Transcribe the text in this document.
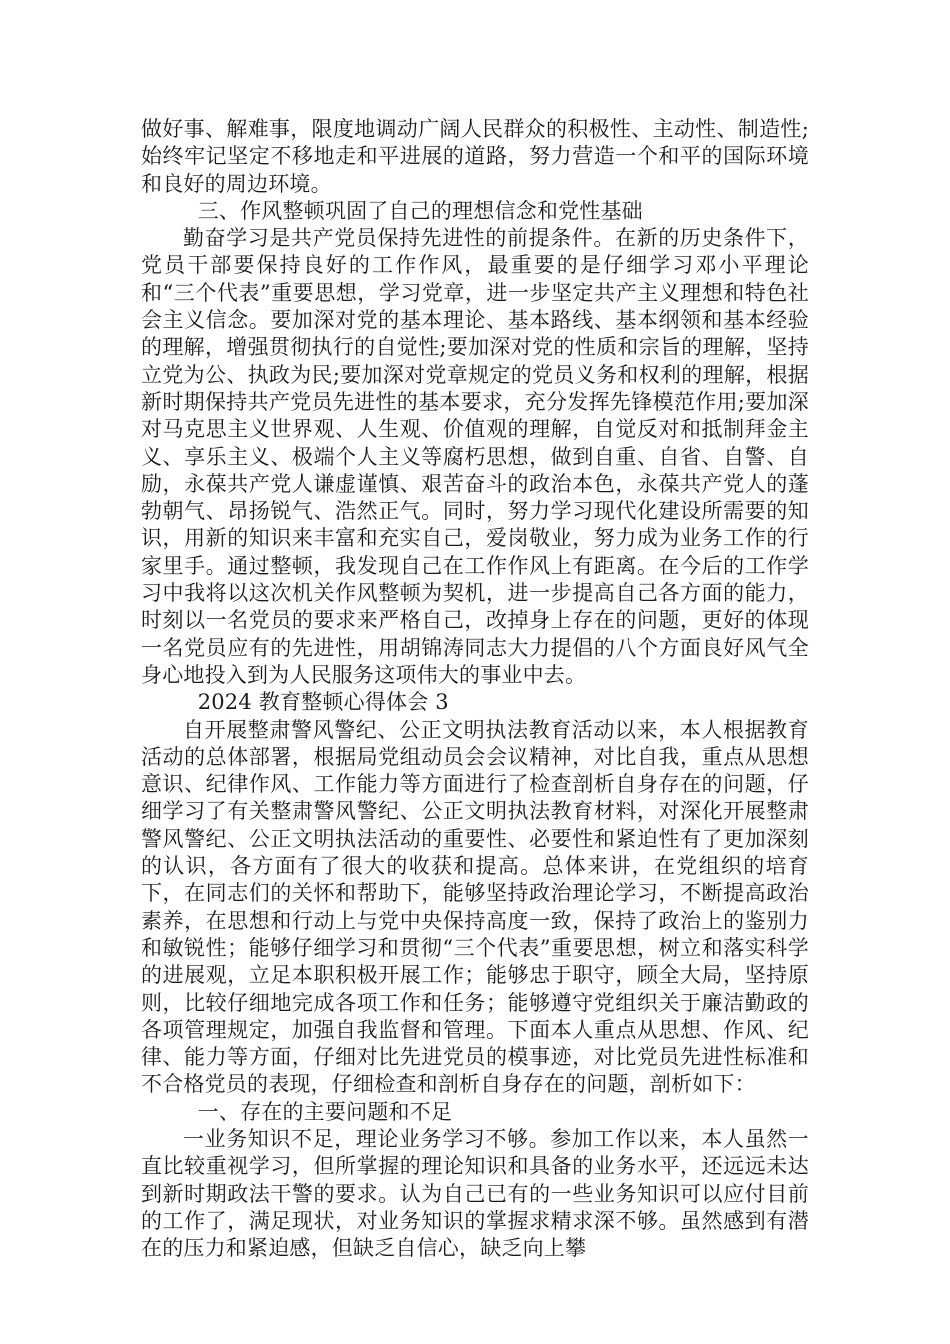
做好事、解难事，限度地调动广阔人民群众的积极性、主动性、制造性;始终牢记坚定不移地走和平进展的道路，努力营造一个和平的国际环境和良好的周边环境。

三、作风整顿巩固了自己的理想信念和党性基础

勤奋学习是共产党员保持先进性的前提条件。在新的历史条件下，党员干部要保持良好的工作作风，最重要的是仔细学习邓小平理论和“三个代表”重要思想，学习党章，进一步坚定共产主义理想和特色社会主义信念。要加深对党的基本理论、基本路线、基本纲领和基本经验的理解，增强贯彻执行的自觉性;要加深对党的性质和宗旨的理解，坚持立党为公、执政为民;要加深对党章规定的党员义务和权利的理解，根据新时期保持共产党员先进性的基本要求，充分发挥先锋模范作用;要加深对马克思主义世界观、人生观、价值观的理解，自觉反对和抵制拜金主义、享乐主义、极端个人主义等腐朽思想，做到自重、自省、自警、自励，永葆共产党人谦虚谨慎、艰苦奋斗的政治本色，永葆共产党人的蓬勃朝气、昂扬锐气、浩然正气。同时，努力学习现代化建设所需要的知识，用新的知识来丰富和充实自己，爱岗敬业，努力成为业务工作的行家里手。通过整顿，我发现自己在工作作风上有距离。在今后的工作学习中我将以这次机关作风整顿为契机，进一步提高自己各方面的能力，时刻以一名党员的要求来严格自己，改掉身上存在的问题，更好的体现一名党员应有的先进性，用胡锦涛同志大力提倡的八个方面良好风气全身心地投入到为人民服务这项伟大的事业中去。

2024 教育整顿心得体会 3

自开展整肃警风警纪、公正文明执法教育活动以来，本人根据教育活动的总体部署，根据局党组动员会会议精神，对比自我，重点从思想意识、纪律作风、工作能力等方面进行了检查剖析自身存在的问题，仔细学习了有关整肃警风警纪、公正文明执法教育材料，对深化开展整肃警风警纪、公正文明执法活动的重要性、必要性和紧迫性有了更加深刻的认识，各方面有了很大的收获和提高。总体来讲，在党组织的培育下，在同志们的关怀和帮助下，能够坚持政治理论学习，不断提高政治素养，在思想和行动上与党中央保持高度一致，保持了政治上的鉴别力和敏锐性；能够仔细学习和贯彻“三个代表”重要思想，树立和落实科学的进展观，立足本职积极开展工作；能够忠于职守，顾全大局，坚持原则，比较仔细地完成各项工作和任务；能够遵守党组织关于廉洁勤政的各项管理规定，加强自我监督和管理。下面本人重点从思想、作风、纪律、能力等方面，仔细对比先进党员的模事迹，对比党员先进性标准和不合格党员的表现，仔细检查和剖析自身存在的问题，剖析如下：

一、存在的主要问题和不足

一业务知识不足，理论业务学习不够。参加工作以来，本人虽然一直比较重视学习，但所掌握的理论知识和具备的业务水平，还远远未达到新时期政法干警的要求。认为自己已有的一些业务知识可以应付目前的工作了，满足现状，对业务知识的掌握求精求深不够。虽然感到有潜在的压力和紧迫感，但缺乏自信心，缺乏向上攀
